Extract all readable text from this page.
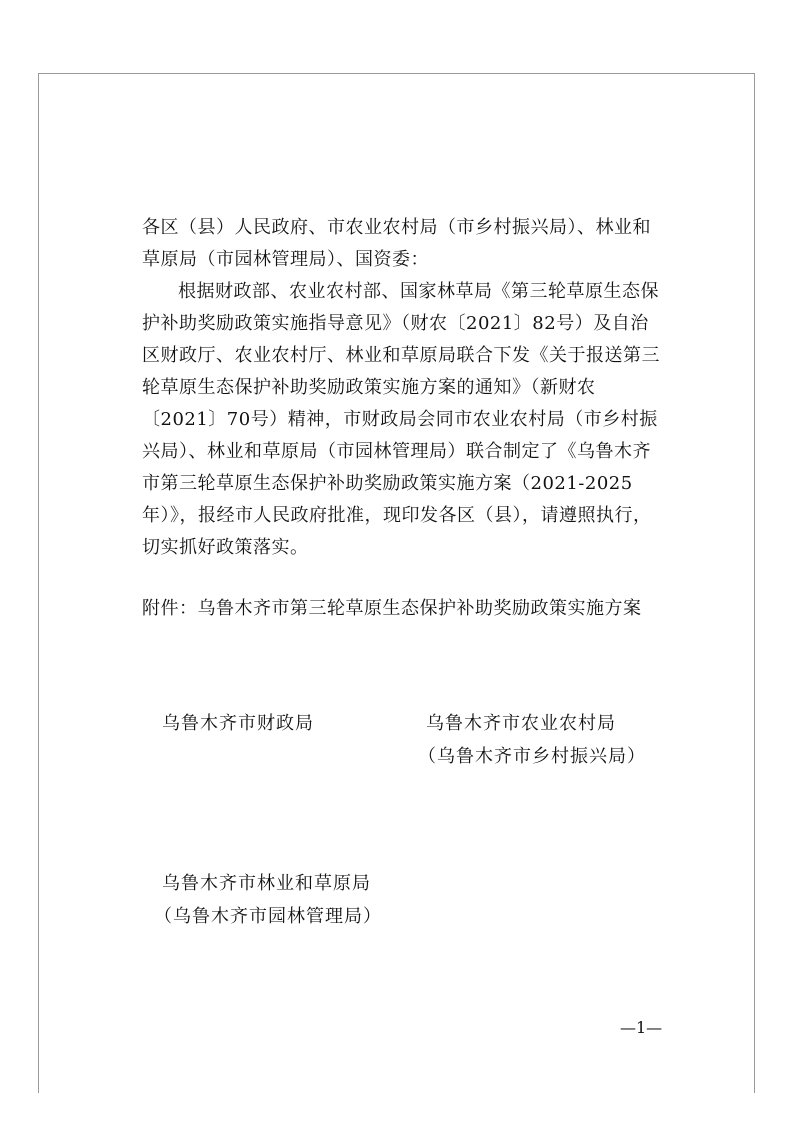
各区（县）人民政府、市农业农村局（市乡村振兴局）、林业和草原局（市园林管理局）、国资委：

根据财政部、农业农村部、国家林草局《第三轮草原生态保护补助奖励政策实施指导意见》（财农〔2021〕82号）及自治区财政厅、农业农村厅、林业和草原局联合下发《关于报送第三轮草原生态保护补助奖励政策实施方案的通知》（新财农〔2021〕70号）精神，市财政局会同市农业农村局（市乡村振兴局）、林业和草原局（市园林管理局）联合制定了《乌鲁木齐市第三轮草原生态保护补助奖励政策实施方案（2021-2025年）》，报经市人民政府批准，现印发各区（县），请遵照执行，切实抓好政策落实。

附件：乌鲁木齐市第三轮草原生态保护补助奖励政策实施方案
乌鲁木齐市财政局	乌鲁木齐市农业农村局
（乌鲁木齐市乡村振兴局）
乌鲁木齐市林业和草原局
（乌鲁木齐市园林管理局）
—1—
